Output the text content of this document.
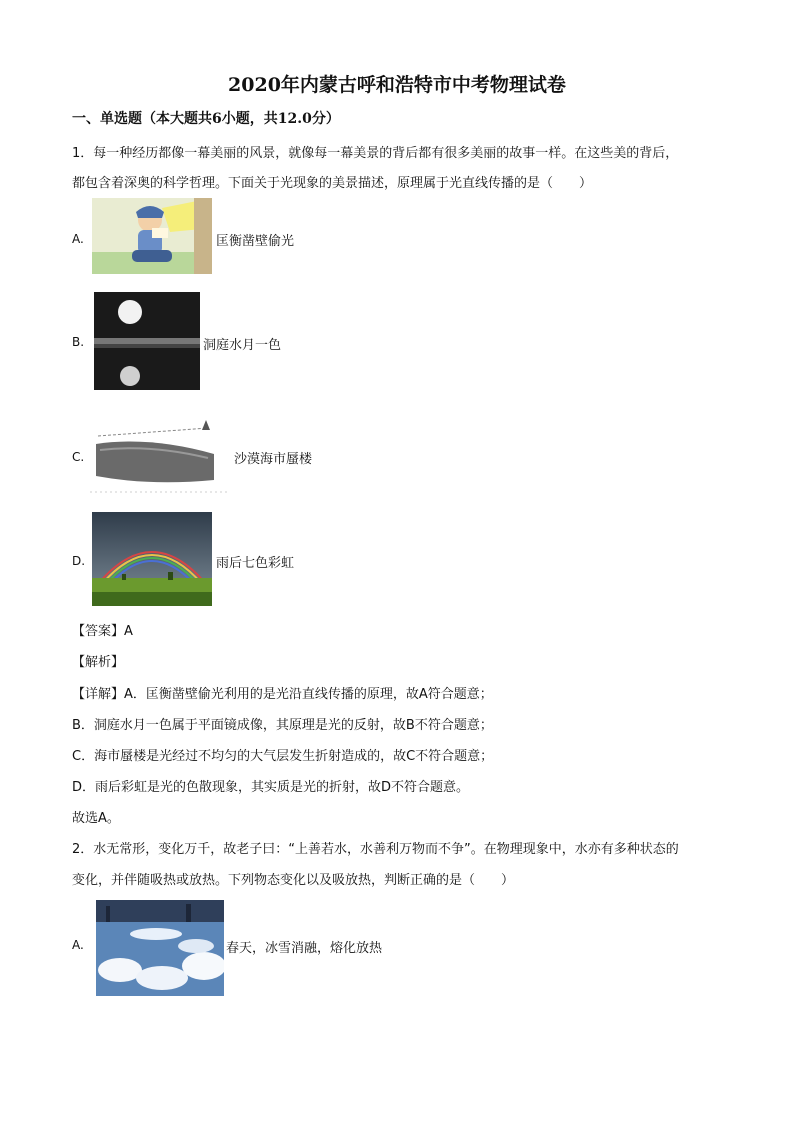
2020年内蒙古呼和浩特市中考物理试卷
一、单选题（本大题共6小题，共12.0分）
1．每一种经历都像一幕美丽的风景，就像每一幕美景的背后都有很多美丽的故事一样。在这些美的背后，
都包含着深奥的科学哲理。下面关于光现象的美景描述，原理属于光直线传播的是（　　）
A.	匡衡凿壁偷光
B.	洞庭水月一色
C.	沙漠海市蜃楼
D.	雨后七色彩虹
【答案】A
【解析】
【详解】A．匡衡凿壁偷光利用的是光沿直线传播的原理，故A符合题意；
B．洞庭水月一色属于平面镜成像，其原理是光的反射，故B不符合题意；
C．海市蜃楼是光经过不均匀的大气层发生折射造成的，故C不符合题意；
D．雨后彩虹是光的色散现象，其实质是光的折射，故D不符合题意。
故选A。
2．水无常形，变化万千，故老子曰：“上善若水，水善利万物而不争”。在物理现象中，水亦有多种状态的
变化，并伴随吸热或放热。下列物态变化以及吸放热，判断正确的是（　　）
A.	春天，冰雪消融，熔化放热
